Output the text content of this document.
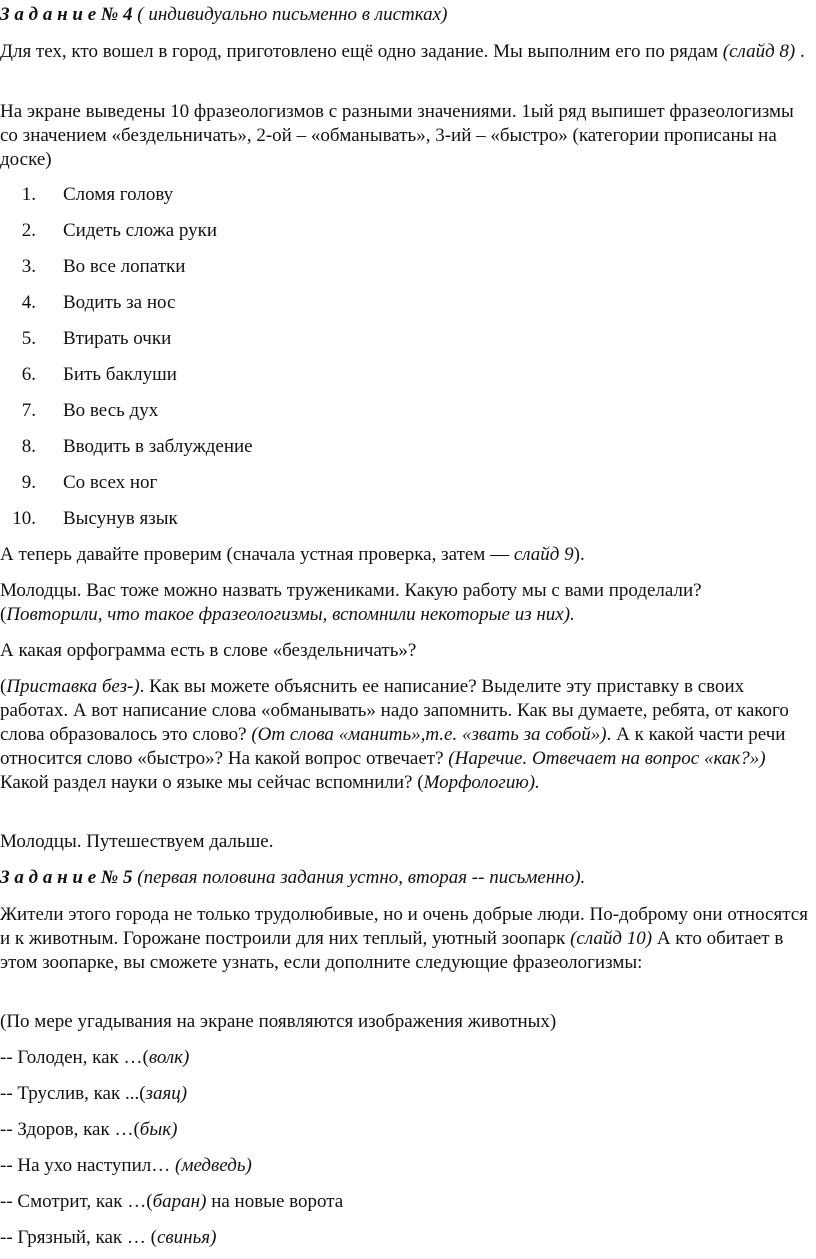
З а д а н и е № 4 ( индивидуально письменно в листках)

Для тех, кто вошел в город, приготовлено ещё одно задание. Мы выполним его по рядам (слайд 8) .

На экране выведены 10 фразеологизмов с разными значениями. 1ый ряд выпишет фразеологизмы со значением «бездельничать», 2-ой – «обманывать», 3-ий – «быстро» (категории прописаны на доске)

1. Сломя голову
2. Сидеть сложа руки
3. Во все лопатки
4. Водить за нос
5. Втирать очки
6. Бить баклуши
7. Во весь дух
8. Вводить в заблуждение
9. Со всех ног
10. Высунув язык

А теперь давайте проверим (сначала устная проверка, затем — слайд 9).

Молодцы. Вас тоже можно назвать тружениками. Какую работу мы с вами проделали? (Повторили, что такое фразеологизмы, вспомнили некоторые из них).

А какая орфограмма есть в слове «бездельничать»?

(Приставка без-). Как вы можете объяснить ее написание? Выделите эту приставку в своих работах. А вот написание слова «обманывать» надо запомнить. Как вы думаете, ребята, от какого слова образовалось это слово? (От слова «манить»,т.е. «звать за собой»). А к какой части речи относится слово «быстро»? На какой вопрос отвечает? (Наречие. Отвечает на вопрос «как?») Какой раздел науки о языке мы сейчас вспомнили? (Морфологию).

Молодцы. Путешествуем дальше.

З а д а н и е № 5 (первая половина задания устно, вторая -- письменно).

Жители этого города не только трудолюбивые, но и очень добрые люди. По-доброму они относятся и к животным. Горожане построили для них теплый, уютный зоопарк (слайд 10) А кто обитает в этом зоопарке, вы сможете узнать, если дополните следующие фразеологизмы:

(По мере угадывания на экране появляются изображения животных)

-- Голоден, как …(волк)

-- Труслив, как ...(заяц)

-- Здоров, как …(бык)

-- На ухо наступил… (медведь)

-- Смотрит, как …(баран) на новые ворота

-- Грязный, как … (свинья)
